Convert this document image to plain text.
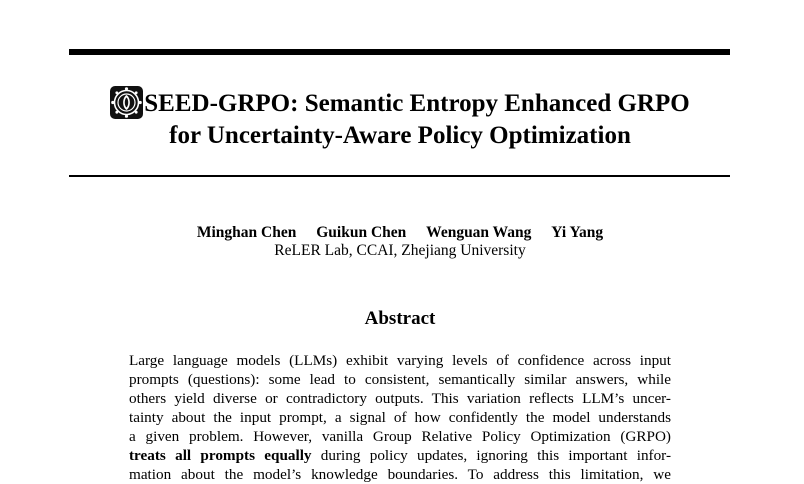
SEED-GRPO: Semantic Entropy Enhanced GRPO
for Uncertainty-Aware Policy Optimization
Minghan Chen Guikun Chen Wenguan Wang Yi Yang
ReLER Lab, CCAI, Zhejiang University
Abstract
Large language models (LLMs) exhibit varying levels of confidence across input
prompts (questions): some lead to consistent, semantically similar answers, while
others yield diverse or contradictory outputs. This variation reflects LLM’s uncer-
tainty about the input prompt, a signal of how confidently the model understands
a given problem. However, vanilla Group Relative Policy Optimization (GRPO)
treats all prompts equally during policy updates, ignoring this important infor-
mation about the model’s knowledge boundaries. To address this limitation, we
